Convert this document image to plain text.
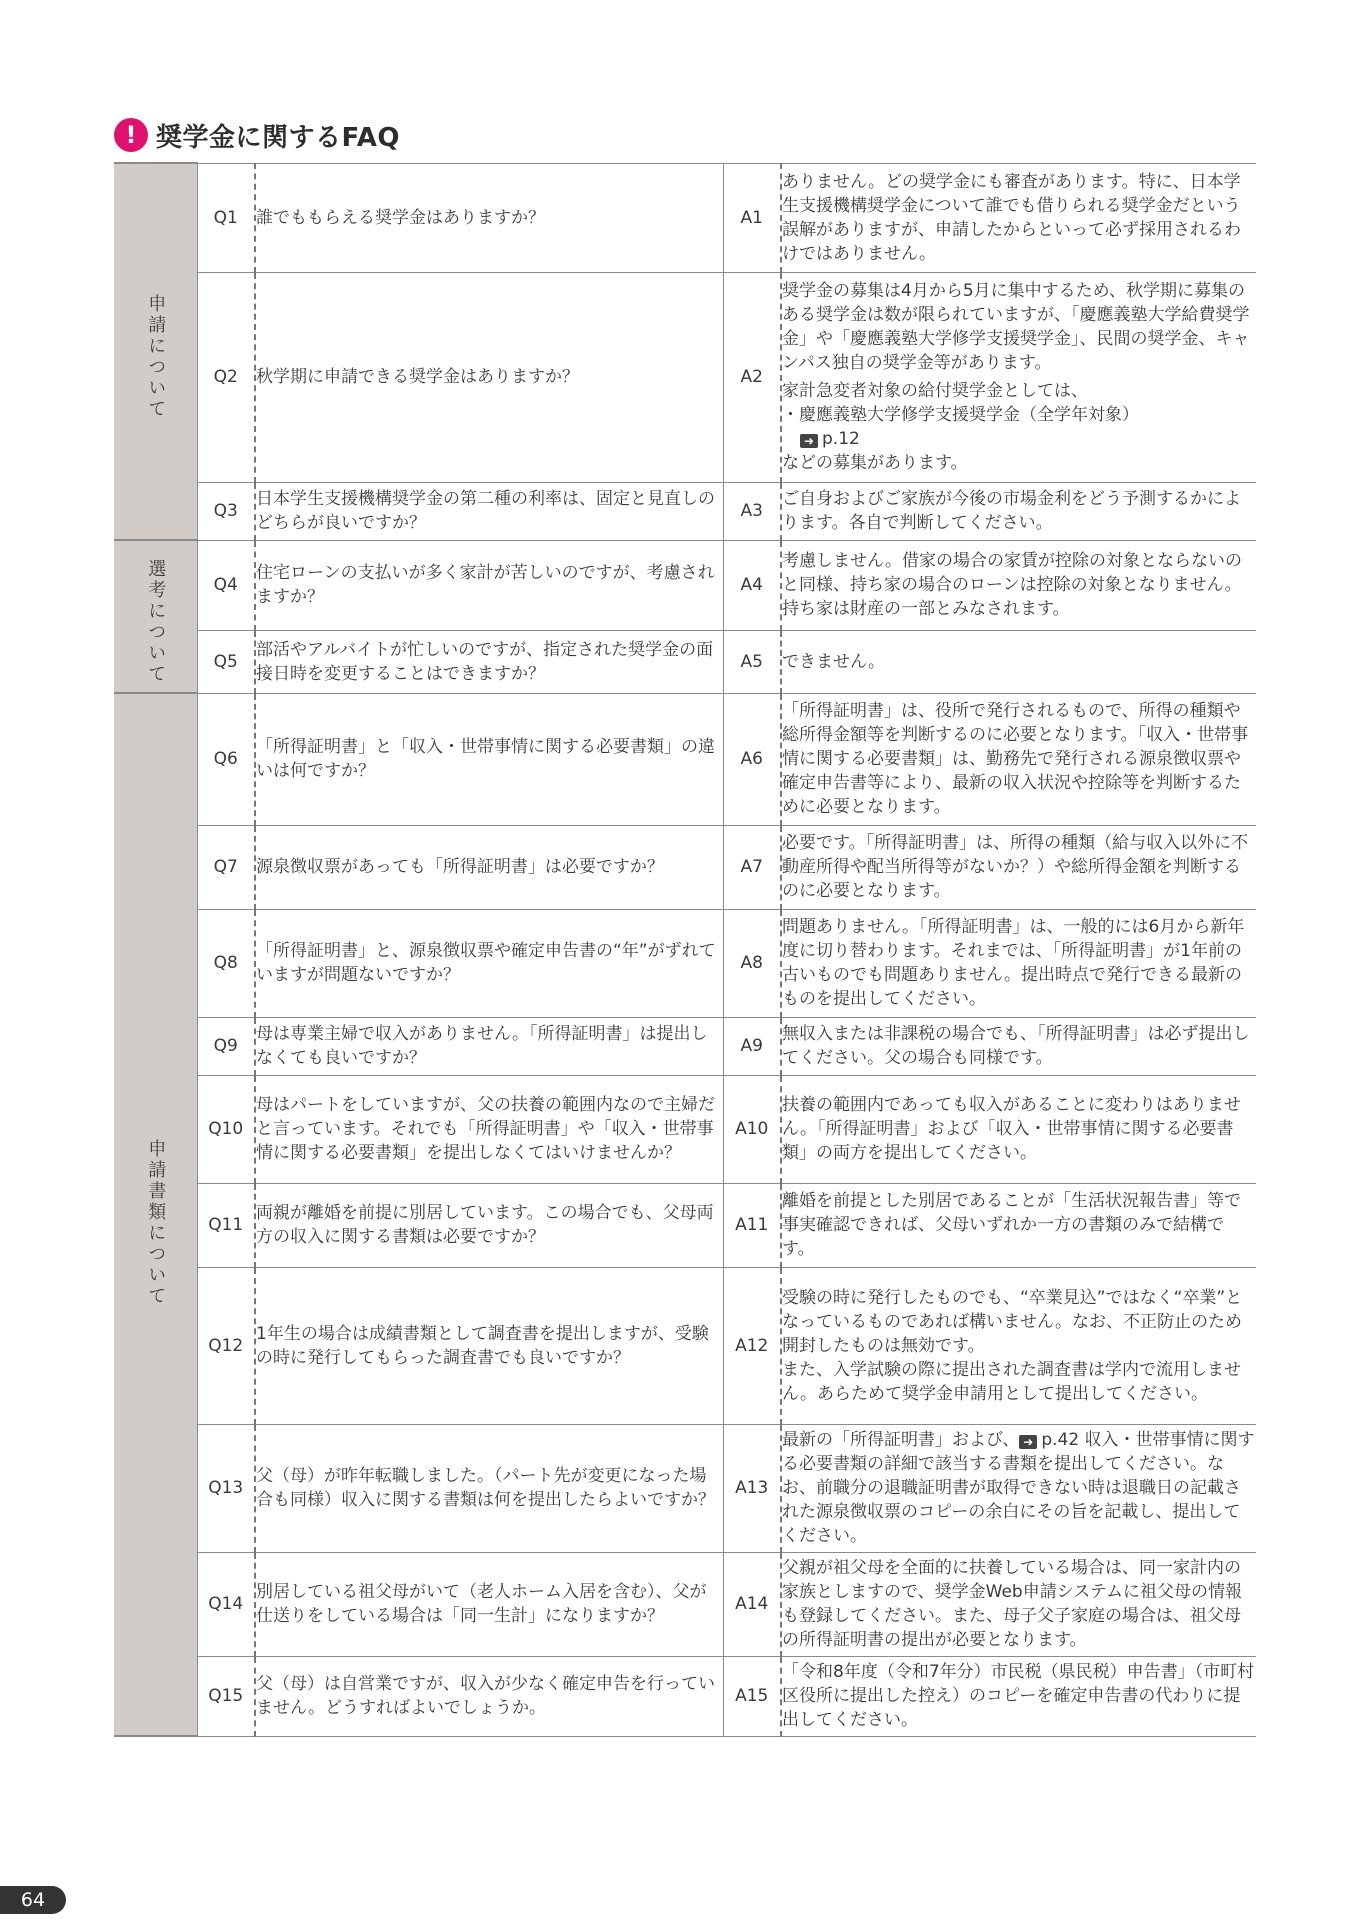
! 奨学金に関するFAQ
申請について	Q1	誰でももらえる奨学金はありますか？	A1	ありません。どの奨学金にも審査があります。特に、日本学生支援機構奨学金について誰でも借りられる奨学金だという誤解がありますが、申請したからといって必ず採用されるわけではありません。
	Q2	秋学期に申請できる奨学金はありますか？	A2	奨学金の募集は4月から5月に集中するため、秋学期に募集のある奨学金は数が限られていますが、「慶應義塾大学給費奨学金」や「慶應義塾大学修学支援奨学金」、民間の奨学金、キャンパス独自の奨学金等があります。
家計急変者対象の給付奨学金としては、
・慶應義塾大学修学支援奨学金（全学年対象）
➜ p.12
などの募集があります。

	Q3	日本学生支援機構奨学金の第二種の利率は、固定と見直しのどちらが良いですか？	A3	ご自身およびご家族が今後の市場金利をどう予測するかによります。各自で判断してください。
選考について	Q4	住宅ローンの支払いが多く家計が苦しいのですが、考慮されますか？	A4	考慮しません。借家の場合の家賃が控除の対象とならないのと同様、持ち家の場合のローンは控除の対象となりません。持ち家は財産の一部とみなされます。
	Q5	部活やアルバイトが忙しいのですが、指定された奨学金の面接日時を変更することはできますか？	A5	できません。
申請書類について	Q6	「所得証明書」と「収入・世帯事情に関する必要書類」の違いは何ですか？	A6	「所得証明書」は、役所で発行されるもので、所得の種類や総所得金額等を判断するのに必要となります。「収入・世帯事情に関する必要書類」は、勤務先で発行される源泉徴収票や確定申告書等により、最新の収入状況や控除等を判断するために必要となります。
	Q7	源泉徴収票があっても「所得証明書」は必要ですか？	A7	必要です。「所得証明書」は、所得の種類（給与収入以外に不動産所得や配当所得等がないか？）や総所得金額を判断するのに必要となります。
	Q8	「所得証明書」と、源泉徴収票や確定申告書の“年”がずれていますが問題ないですか？	A8	問題ありません。「所得証明書」は、一般的には6月から新年度に切り替わります。それまでは、「所得証明書」が1年前の古いものでも問題ありません。提出時点で発行できる最新のものを提出してください。
	Q9	母は専業主婦で収入がありません。「所得証明書」は提出しなくても良いですか？	A9	無収入または非課税の場合でも、「所得証明書」は必ず提出してください。父の場合も同様です。
	Q10	母はパートをしていますが、父の扶養の範囲内なので主婦だと言っています。それでも「所得証明書」や「収入・世帯事情に関する必要書類」を提出しなくてはいけませんか？	A10	扶養の範囲内であっても収入があることに変わりはありません。「所得証明書」および「収入・世帯事情に関する必要書類」の両方を提出してください。
	Q11	両親が離婚を前提に別居しています。この場合でも、父母両方の収入に関する書類は必要ですか？	A11	離婚を前提とした別居であることが「生活状況報告書」等で事実確認できれば、父母いずれか一方の書類のみで結構です。
	Q12	1年生の場合は成績書類として調査書を提出しますが、受験の時に発行してもらった調査書でも良いですか？	A12	受験の時に発行したものでも、“卒業見込”ではなく“卒業”となっているものであれば構いません。なお、不正防止のため開封したものは無効です。
また、入学試験の際に提出された調査書は学内で流用しません。あらためて奨学金申請用として提出してください。

	Q13	父（母）が昨年転職しました。（パート先が変更になった場合も同様）収入に関する書類は何を提出したらよいですか？	A13	最新の「所得証明書」および、 ➜ p.42 収入・世帯事情に関する必要書類の詳細で該当する書類を提出してください。なお、前職分の退職証明書が取得できない時は退職日の記載された源泉徴収票のコピーの余白にその旨を記載し、提出してください。
	Q14	別居している祖父母がいて（老人ホーム入居を含む）、父が仕送りをしている場合は「同一生計」になりますか？	A14	父親が祖父母を全面的に扶養している場合は、同一家計内の家族としますので、奨学金Web申請システムに祖父母の情報も登録してください。また、母子父子家庭の場合は、祖父母の所得証明書の提出が必要となります。
	Q15	父（母）は自営業ですが、収入が少なく確定申告を行っていません。どうすればよいでしょうか。	A15	「令和8年度（令和7年分）市民税（県民税）申告書」（市町村区役所に提出した控え）のコピーを確定申告書の代わりに提出してください。
64
